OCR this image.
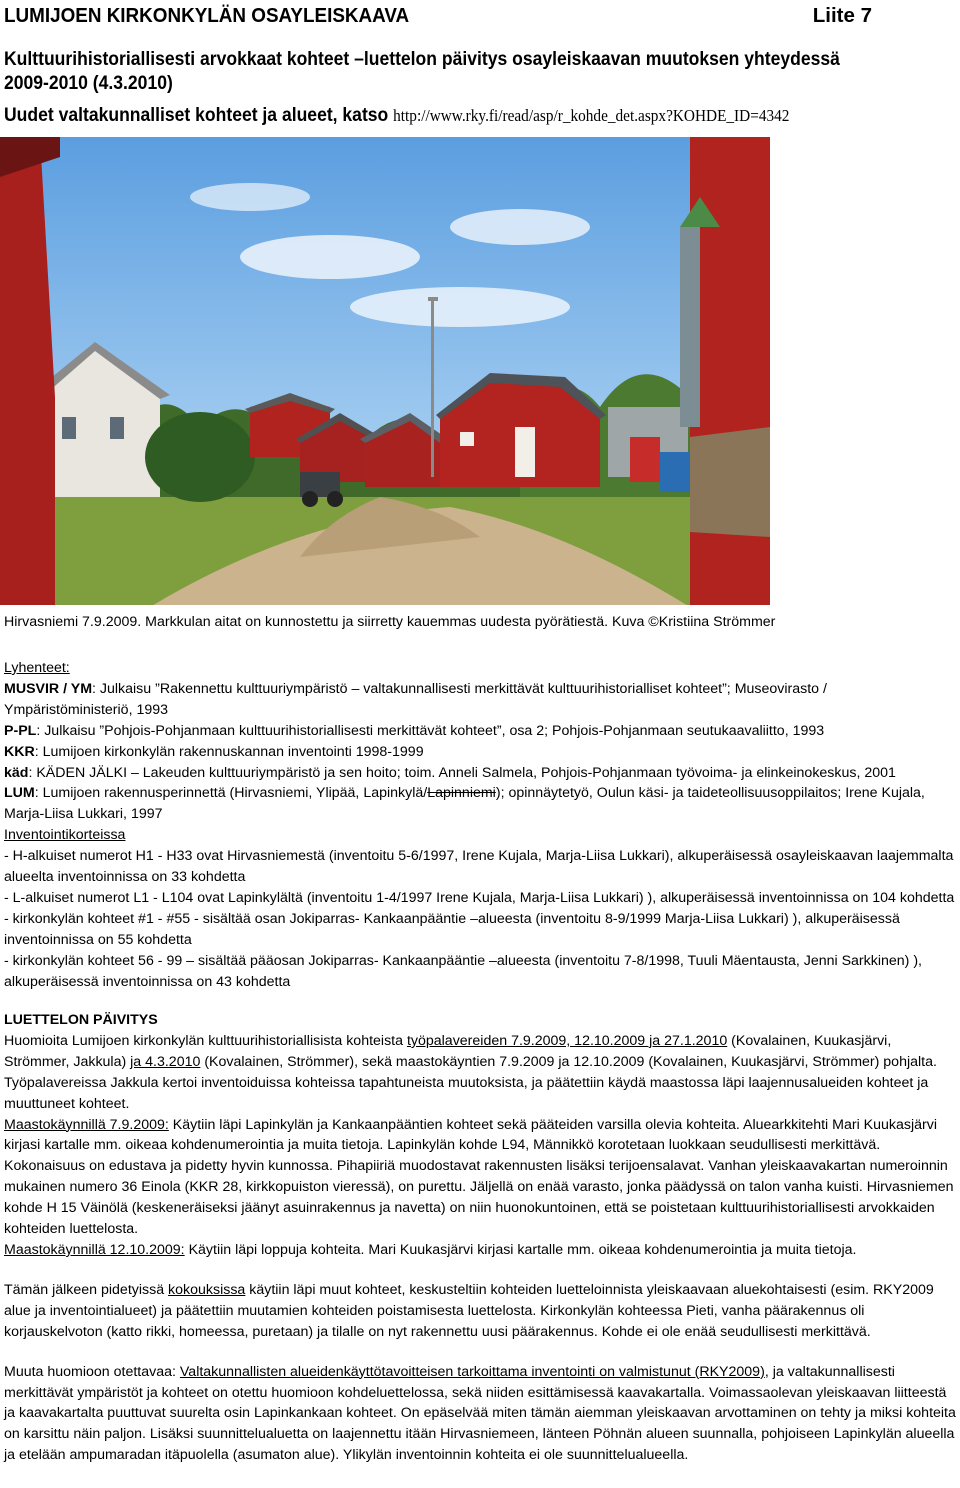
LUMIJOEN KIRKONKYLÄN OSAYLEISKAAVA	Liite 7
Kulttuurihistoriallisesti arvokkaat kohteet –luettelon päivitys osayleiskaavan muutoksen yhteydessä
2009-2010 (4.3.2010)
Uudet valtakunnalliset kohteet ja alueet, katso http://www.rky.fi/read/asp/r_kohde_det.aspx?KOHDE_ID=4342
Hirvasniemi 7.9.2009. Markkulan aitat on kunnostettu ja siirretty kauemmas uudesta pyörätiestä. Kuva ©Kristiina Strömmer

Lyhenteet:

MUSVIR / YM: Julkaisu ”Rakennettu kulttuuriympäristö – valtakunnallisesti merkittävät kulttuurihistorialliset kohteet”; Museovirasto / Ympäristöministeriö, 1993

P-PL: Julkaisu ”Pohjois-Pohjanmaan kulttuurihistoriallisesti merkittävät kohteet”, osa 2; Pohjois-Pohjanmaan seutukaavaliitto, 1993

KKR: Lumijoen kirkonkylän rakennuskannan inventointi 1998-1999

käd: KÄDEN JÄLKI – Lakeuden kulttuuriympäristö ja sen hoito; toim. Anneli Salmela, Pohjois-Pohjanmaan työvoima- ja elinkeinokeskus, 2001

LUM: Lumijoen rakennusperinnettä (Hirvasniemi, Ylipää, Lapinkylä/Lapinniemi); opinnäytetyö, Oulun käsi- ja taideteollisuusoppilaitos; Irene Kujala, Marja-Liisa Lukkari, 1997

Inventointikorteissa

- H-alkuiset numerot H1 - H33 ovat Hirvasniemestä (inventoitu 5-6/1997, Irene Kujala, Marja-Liisa Lukkari), alkuperäisessä osayleiskaavan laajemmalta alueelta inventoinnissa on 33 kohdetta

- L-alkuiset numerot L1 - L104 ovat Lapinkylältä (inventoitu 1-4/1997 Irene Kujala, Marja-Liisa Lukkari) ), alkuperäisessä inventoinnissa on 104 kohdetta

- kirkonkylän kohteet #1 - #55 - sisältää osan Jokiparras- Kankaanpääntie –alueesta (inventoitu 8-9/1999 Marja-Liisa Lukkari) ), alkuperäisessä inventoinnissa on 55 kohdetta

- kirkonkylän kohteet 56 - 99 – sisältää pääosan Jokiparras- Kankaanpääntie –alueesta (inventoitu 7-8/1998, Tuuli Mäentausta, Jenni Sarkkinen) ), alkuperäisessä inventoinnissa on 43 kohdetta

LUETTELON PÄIVITYS

Huomioita Lumijoen kirkonkylän kulttuurihistoriallisista kohteista työpalavereiden 7.9.2009, 12.10.2009 ja 27.1.2010 (Kovalainen, Kuukasjärvi, Strömmer, Jakkula) ja 4.3.2010 (Kovalainen, Strömmer), sekä maastokäyntien 7.9.2009 ja 12.10.2009 (Kovalainen, Kuukasjärvi, Strömmer) pohjalta.

Työpalavereissa Jakkula kertoi inventoiduissa kohteissa tapahtuneista muutoksista, ja päätettiin käydä maastossa läpi laajennusalueiden kohteet ja muuttuneet kohteet.

Maastokäynnillä 7.9.2009: Käytiin läpi Lapinkylän ja Kankaanpääntien kohteet sekä pääteiden varsilla olevia kohteita. Aluearkkitehti Mari Kuukasjärvi kirjasi kartalle mm. oikeaa kohdenumerointia ja muita tietoja. Lapinkylän kohde L94, Männikkö korotetaan luokkaan seudullisesti merkittävä. Kokonaisuus on edustava ja pidetty hyvin kunnossa. Pihapiiriä muodostavat rakennusten lisäksi terijoensalavat. Vanhan yleiskaavakartan numeroinnin mukainen numero 36 Einola (KKR 28, kirkkopuiston vieressä), on purettu. Jäljellä on enää varasto, jonka päädyssä on talon vanha kuisti. Hirvasniemen kohde H 15 Väinölä (keskeneräiseksi jäänyt asuinrakennus ja navetta) on niin huonokuntoinen, että se poistetaan kulttuurihistoriallisesti arvokkaiden kohteiden luettelosta.

Maastokäynnillä 12.10.2009: Käytiin läpi loppuja kohteita. Mari Kuukasjärvi kirjasi kartalle mm. oikeaa kohdenumerointia ja muita tietoja.

Tämän jälkeen pidetyissä kokouksissa käytiin läpi muut kohteet, keskusteltiin kohteiden luetteloinnista yleiskaavaan aluekohtaisesti (esim. RKY2009 alue ja inventointialueet) ja päätettiin muutamien kohteiden poistamisesta luettelosta. Kirkonkylän kohteessa Pieti, vanha päärakennus oli korjauskelvoton (katto rikki, homeessa, puretaan) ja tilalle on nyt rakennettu uusi päärakennus. Kohde ei ole enää seudullisesti merkittävä.

Muuta huomioon otettavaa: Valtakunnallisten alueidenkäyttötavoitteisen tarkoittama inventointi on valmistunut (RKY2009), ja valtakunnallisesti merkittävät ympäristöt ja kohteet on otettu huomioon kohdeluettelossa, sekä niiden esittämisessä kaavakartalla. Voimassaolevan yleiskaavan liitteestä ja kaavakartalta puuttuvat suurelta osin Lapinkankaan kohteet. On epäselvää miten tämän aiemman yleiskaavan arvottaminen on tehty ja miksi kohteita on karsittu näin paljon. Lisäksi suunnittelualuetta on laajennettu itään Hirvasniemeen, länteen Pöhnän alueen suunnalla, pohjoiseen Lapinkylän alueella ja etelään ampumaradan itäpuolella (asumaton alue). Ylikylän inventoinnin kohteita ei ole suunnittelualueella.
